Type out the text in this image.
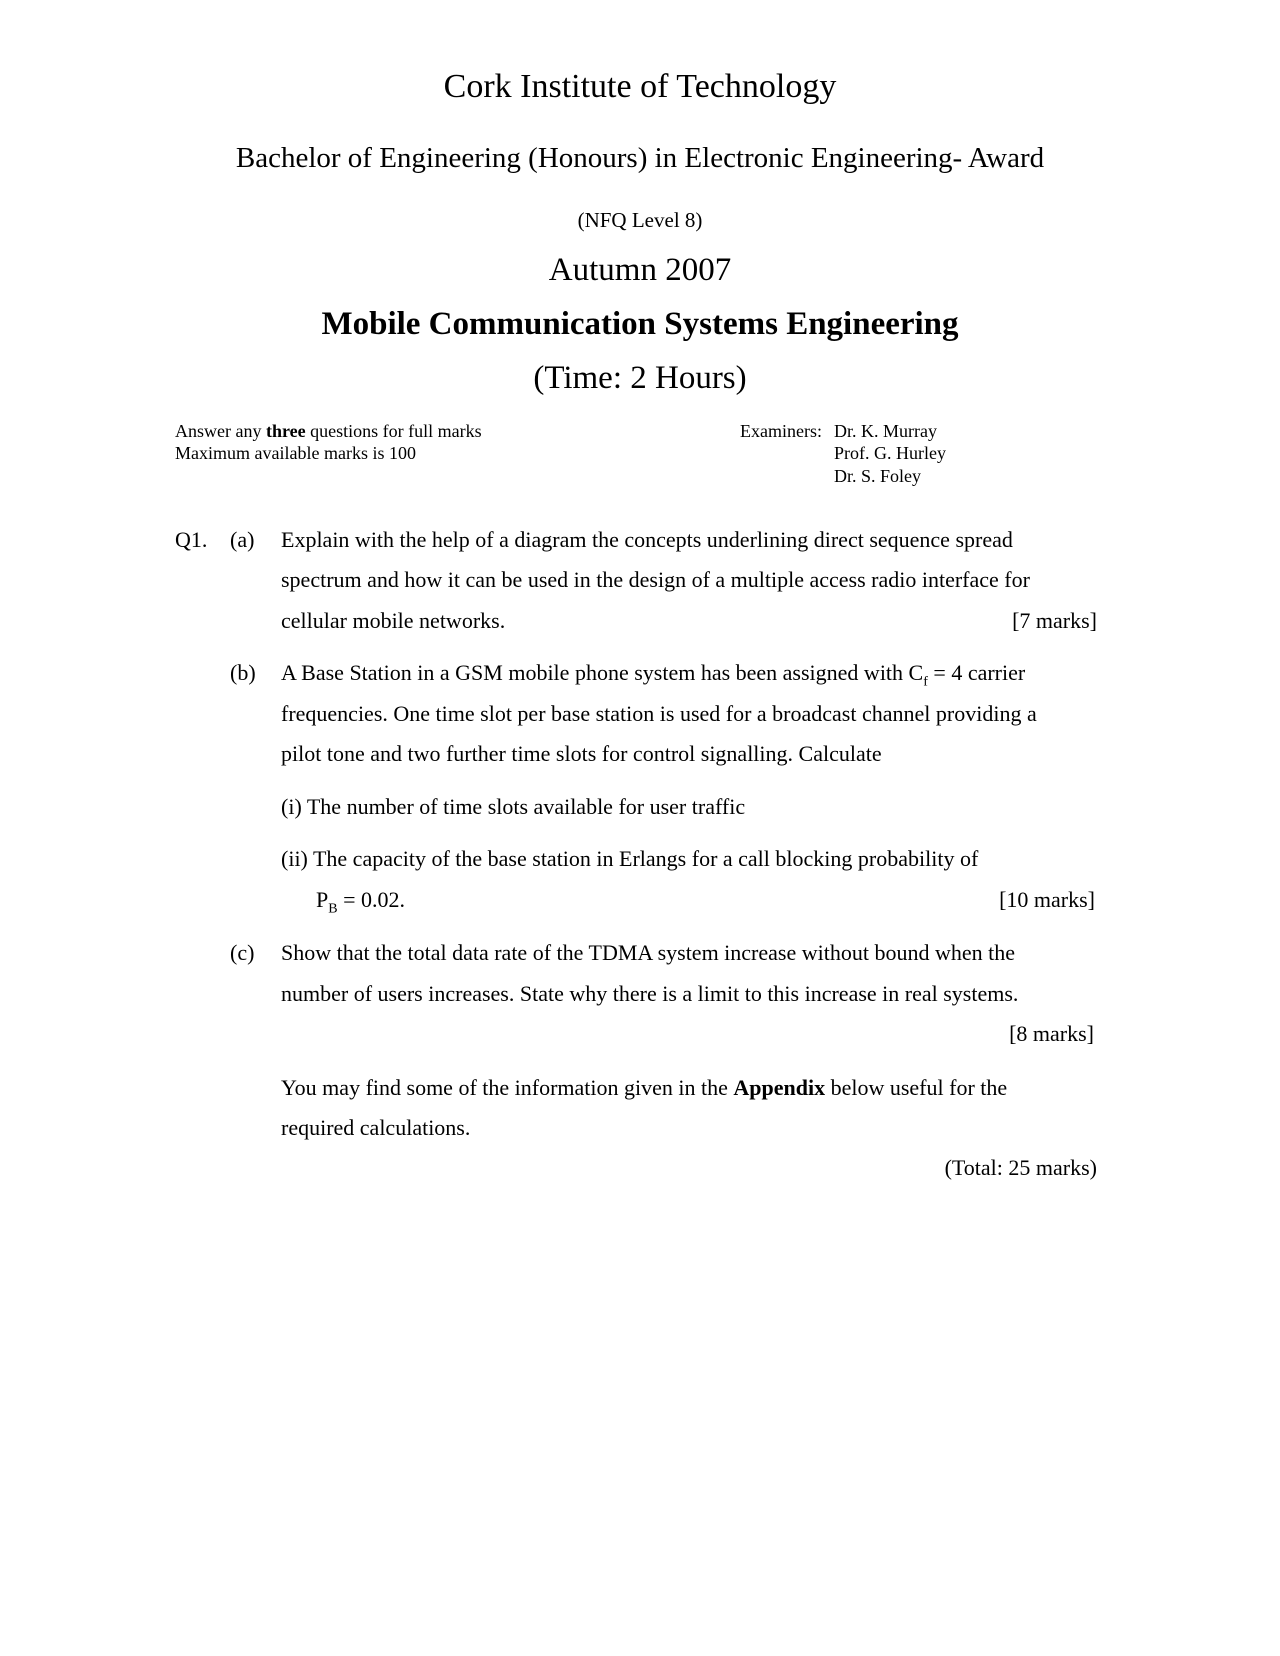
Cork Institute of Technology
Bachelor of Engineering (Honours) in Electronic Engineering- Award
(NFQ Level 8)
Autumn 2007
Mobile Communication Systems Engineering
(Time: 2 Hours)
Answer any three questions for full marks
Maximum available marks is 100
Examiners: Dr. K. Murray
Prof. G. Hurley
Dr. S. Foley
Q1. (a) Explain with the help of a diagram the concepts underlining direct sequence spread
spectrum and how it can be used in the design of a multiple access radio interface for
cellular mobile networks.	[7 marks]
(b) A Base Station in a GSM mobile phone system has been assigned with $C_f = 4$ carrier
frequencies. One time slot per base station is used for a broadcast channel providing a
pilot tone and two further time slots for control signalling. Calculate
(i) The number of time slots available for user traffic
(ii) The capacity of the base station in Erlangs for a call blocking probability of
$P_B = 0.02$.	[10 marks]
(c) Show that the total data rate of the TDMA system increase without bound when the
number of users increases. State why there is a limit to this increase in real systems.
[8 marks]
You may find some of the information given in the Appendix below useful for the
required calculations.
(Total: 25 marks)
